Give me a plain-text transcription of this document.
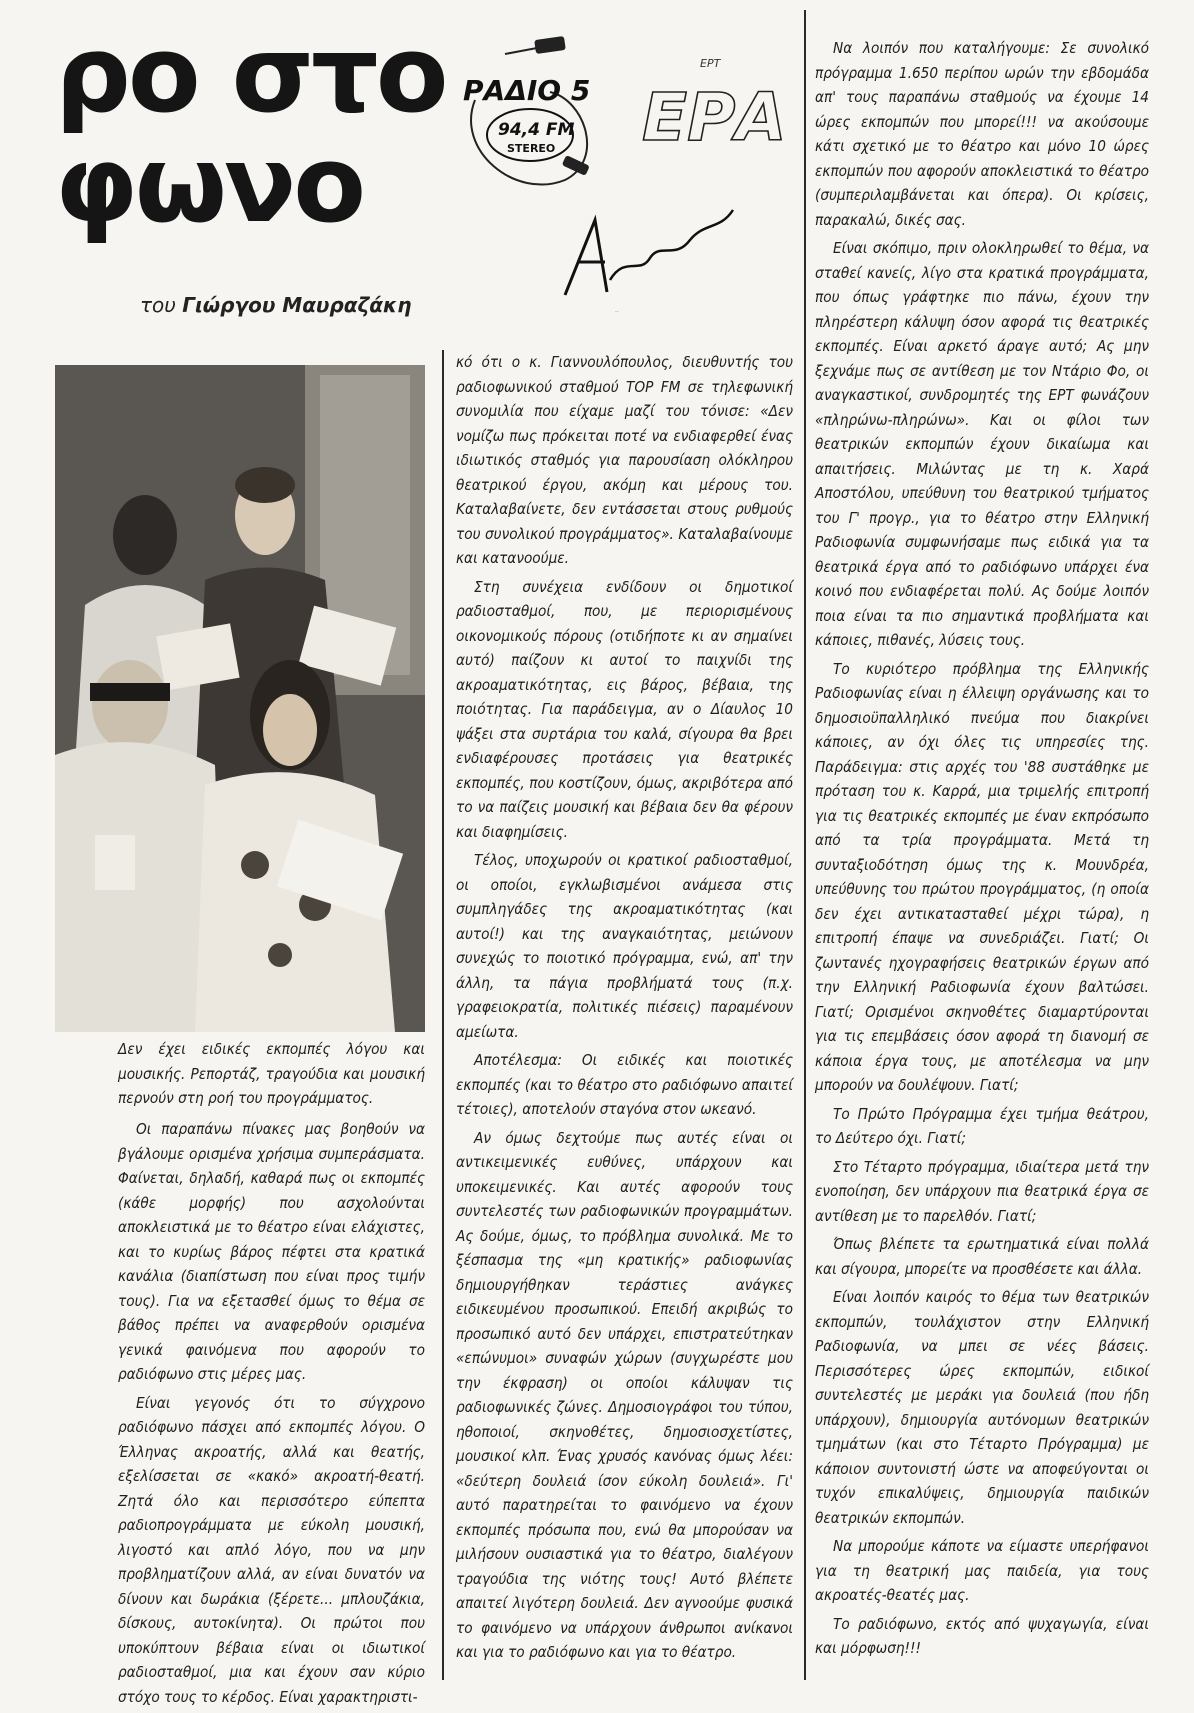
ρο στο
φωνο
του Γιώργου Μαυραζάκη
ΡΑΔΙΟ 5
94,4 FM
STEREO
ΕΡΤ
ΕΡΑ
Αντένα

Δεν έχει ειδικές εκπομπές λόγου και μουσικής. Ρεπορτάζ, τραγούδια και μουσική περνούν στη ροή του προγράμματος.

Οι παραπάνω πίνακες μας βοηθούν να βγάλουμε ορισμένα χρήσιμα συμπεράσματα. Φαίνεται, δηλαδή, καθαρά πως οι εκπομπές (κάθε μορφής) που ασχολούνται αποκλειστικά με το θέατρο είναι ελάχιστες, και το κυρίως βάρος πέφτει στα κρατικά κανάλια (διαπίστωση που είναι προς τιμήν τους). Για να εξετασθεί όμως το θέμα σε βάθος πρέπει να αναφερθούν ορισμένα γενικά φαινόμενα που αφορούν το ραδιόφωνο στις μέρες μας.

Είναι γεγονός ότι το σύγχρονο ραδιόφωνο πάσχει από εκπομπές λόγου. Ο Έλληνας ακροατής, αλλά και θεατής, εξελίσσεται σε «κακό» ακροατή-θεατή. Ζητά όλο και περισσότερο εύπεπτα ραδιοπρογράμματα με εύκολη μουσική, λιγοστό και απλό λόγο, που να μην προβληματίζουν αλλά, αν είναι δυνατόν να δίνουν και δωράκια (ξέρετε... μπλουζάκια, δίσκους, αυτοκίνητα). Οι πρώτοι που υποκύπτουν βέβαια είναι οι ιδιωτικοί ραδιοσταθμοί, μια και έχουν σαν κύριο στόχο τους το κέρδος. Είναι χαρακτηριστι-

κό ότι ο κ. Γιαννουλόπουλος, διευθυντής του ραδιοφωνικού σταθμού TOP FM σε τηλεφωνική συνομιλία που είχαμε μαζί του τόνισε: «Δεν νομίζω πως πρόκειται ποτέ να ενδιαφερθεί ένας ιδιωτικός σταθμός για παρουσίαση ολόκληρου θεατρικού έργου, ακόμη και μέρους του. Καταλαβαίνετε, δεν εντάσσεται στους ρυθμούς του συνολικού προγράμματος». Καταλαβαίνουμε και κατανοούμε.

Στη συνέχεια ενδίδουν οι δημοτικοί ραδιοσταθμοί, που, με περιορισμένους οικονομικούς πόρους (οτιδήποτε κι αν σημαίνει αυτό) παίζουν κι αυτοί το παιχνίδι της ακροαματικότητας, εις βάρος, βέβαια, της ποιότητας. Για παράδειγμα, αν ο Δίαυλος 10 ψάξει στα συρτάρια του καλά, σίγουρα θα βρει ενδιαφέρουσες προτάσεις για θεατρικές εκπομπές, που κοστίζουν, όμως, ακριβότερα από το να παίζεις μουσική και βέβαια δεν θα φέρουν και διαφημίσεις.

Τέλος, υποχωρούν οι κρατικοί ραδιοσταθμοί, οι οποίοι, εγκλωβισμένοι ανάμεσα στις συμπληγάδες της ακροαματικότητας (και αυτοί!) και της αναγκαιότητας, μειώνουν συνεχώς το ποιοτικό πρόγραμμα, ενώ, απ' την άλλη, τα πάγια προβλήματά τους (π.χ. γραφειοκρατία, πολιτικές πιέσεις) παραμένουν αμείωτα.

Αποτέλεσμα: Οι ειδικές και ποιοτικές εκπομπές (και το θέατρο στο ραδιόφωνο απαιτεί τέτοιες), αποτελούν σταγόνα στον ωκεανό.

Αν όμως δεχτούμε πως αυτές είναι οι αντικειμενικές ευθύνες, υπάρχουν και υποκειμενικές. Και αυτές αφορούν τους συντελεστές των ραδιοφωνικών προγραμμάτων. Ας δούμε, όμως, το πρόβλημα συνολικά. Με το ξέσπασμα της «μη κρατικής» ραδιοφωνίας δημιουργήθηκαν τεράστιες ανάγκες ειδικευμένου προσωπικού. Επειδή ακριβώς το προσωπικό αυτό δεν υπάρχει, επιστρατεύτηκαν «επώνυμοι» συναφών χώρων (συγχωρέστε μου την έκφραση) οι οποίοι κάλυψαν τις ραδιοφωνικές ζώνες. Δημοσιογράφοι του τύπου, ηθοποιοί, σκηνοθέτες, δημοσιοσχετίστες, μουσικοί κλπ. Ένας χρυσός κανόνας όμως λέει: «δεύτερη δουλειά ίσον εύκολη δουλειά». Γι' αυτό παρατηρείται το φαινόμενο να έχουν εκπομπές πρόσωπα που, ενώ θα μπορούσαν να μιλήσουν ουσιαστικά για το θέατρο, διαλέγουν τραγούδια της νιότης τους! Αυτό βλέπετε απαιτεί λιγότερη δουλειά. Δεν αγνοούμε φυσικά το φαινόμενο να υπάρχουν άνθρωποι ανίκανοι και για το ραδιόφωνο και για το θέατρο.

Να λοιπόν που καταλήγουμε: Σε συνολικό πρόγραμμα 1.650 περίπου ωρών την εβδομάδα απ' τους παραπάνω σταθμούς να έχουμε 14 ώρες εκπομπών που μπορεί!!! να ακούσουμε κάτι σχετικό με το θέατρο και μόνο 10 ώρες εκπομπών που αφορούν αποκλειστικά το θέατρο (συμπεριλαμβάνεται και όπερα). Οι κρίσεις, παρακαλώ, δικές σας.

Είναι σκόπιμο, πριν ολοκληρωθεί το θέμα, να σταθεί κανείς, λίγο στα κρατικά προγράμματα, που όπως γράφτηκε πιο πάνω, έχουν την πληρέστερη κάλυψη όσον αφορά τις θεατρικές εκπομπές. Είναι αρκετό άραγε αυτό; Ας μην ξεχνάμε πως σε αντίθεση με τον Ντάριο Φο, οι αναγκαστικοί, συνδρομητές της ΕΡΤ φωνάζουν «πληρώνω-πληρώνω». Και οι φίλοι των θεατρικών εκπομπών έχουν δικαίωμα και απαιτήσεις. Μιλώντας με τη κ. Χαρά Αποστόλου, υπεύθυνη του θεατρικού τμήματος του Γ' προγρ., για το θέατρο στην Ελληνική Ραδιοφωνία συμφωνήσαμε πως ειδικά για τα θεατρικά έργα από το ραδιόφωνο υπάρχει ένα κοινό που ενδιαφέρεται πολύ. Ας δούμε λοιπόν ποια είναι τα πιο σημαντικά προβλήματα και κάποιες, πιθανές, λύσεις τους.

Το κυριότερο πρόβλημα της Ελληνικής Ραδιοφωνίας είναι η έλλειψη οργάνωσης και το δημοσιοϋπαλληλικό πνεύμα που διακρίνει κάποιες, αν όχι όλες τις υπηρεσίες της. Παράδειγμα: στις αρχές του '88 συστάθηκε με πρόταση του κ. Καρρά, μια τριμελής επιτροπή για τις θεατρικές εκπομπές με έναν εκπρόσωπο από τα τρία προγράμματα. Μετά τη συνταξιοδότηση όμως της κ. Μουνδρέα, υπεύθυνης του πρώτου προγράμματος, (η οποία δεν έχει αντικατασταθεί μέχρι τώρα), η επιτροπή έπαψε να συνεδριάζει. Γιατί; Οι ζωντανές ηχογραφήσεις θεατρικών έργων από την Ελληνική Ραδιοφωνία έχουν βαλτώσει. Γιατί; Ορισμένοι σκηνοθέτες διαμαρτύρονται για τις επεμβάσεις όσον αφορά τη διανομή σε κάποια έργα τους, με αποτέλεσμα να μην μπορούν να δουλέψουν. Γιατί;

Το Πρώτο Πρόγραμμα έχει τμήμα θεάτρου, το Δεύτερο όχι. Γιατί;

Στο Τέταρτο πρόγραμμα, ιδιαίτερα μετά την ενοποίηση, δεν υπάρχουν πια θεατρικά έργα σε αντίθεση με το παρελθόν. Γιατί;

Όπως βλέπετε τα ερωτηματικά είναι πολλά και σίγουρα, μπορείτε να προσθέσετε και άλλα.

Είναι λοιπόν καιρός το θέμα των θεατρικών εκπομπών, τουλάχιστον στην Ελληνική Ραδιοφωνία, να μπει σε νέες βάσεις. Περισσότερες ώρες εκπομπών, ειδικοί συντελεστές με μεράκι για δουλειά (που ήδη υπάρχουν), δημιουργία αυτόνομων θεατρικών τμημάτων (και στο Τέταρτο Πρόγραμμα) με κάποιον συντονιστή ώστε να αποφεύγονται οι τυχόν επικαλύψεις, δημιουργία παιδικών θεατρικών εκπομπών.

Να μπορούμε κάποτε να είμαστε υπερήφανοι για τη θεατρική μας παιδεία, για τους ακροατές-θεατές μας.

Το ραδιόφωνο, εκτός από ψυχαγωγία, είναι και μόρφωση!!!
